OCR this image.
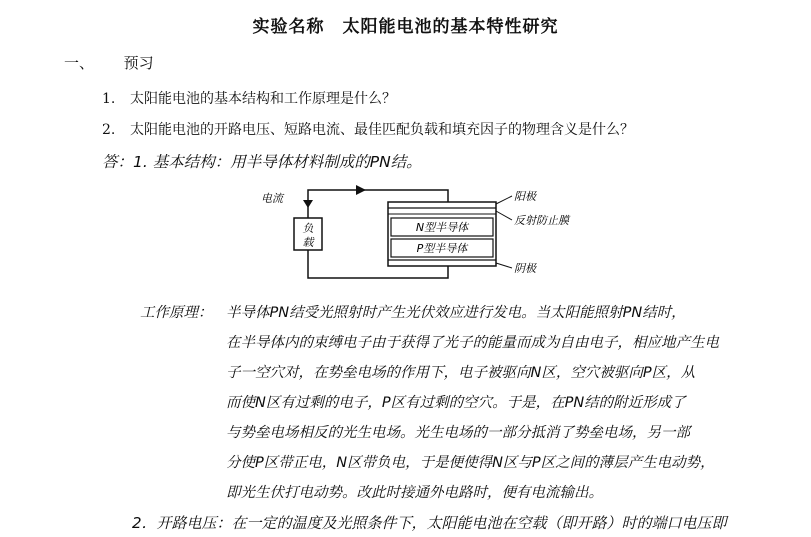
实验名称　太阳能电池的基本特性研究
一、 预习
1. 太阳能电池的基本结构和工作原理是什么？
2. 太阳能电池的开路电压、短路电流、最佳匹配负载和填充因子的物理含义是什么？
答：1. 基本结构：用半导体材料制成的PN结。
负
载
N型半导体
P型半导体
电流	阳极
反射防止膜
阴极
工作原理： 半导体PN结受光照射时产生光伏效应进行发电。当太阳能照射PN结时，
在半导体内的束缚电子由于获得了光子的能量而成为自由电子，相应地产生电
子一空穴对，在势垒电场的作用下，电子被驱向N区，空穴被驱向P区，从
而使N区有过剩的电子，P区有过剩的空穴。于是，在PN结的附近形成了
与势垒电场相反的光生电场。光生电场的一部分抵消了势垒电场，另一部
分使P区带正电，N区带负电，于是便使得N区与P区之间的薄层产生电动势，
即光生伏打电动势。改此时接通外电路时，便有电流输出。
2．开路电压：在一定的温度及光照条件下，太阳能电池在空载（即开路）时的端口电压即
